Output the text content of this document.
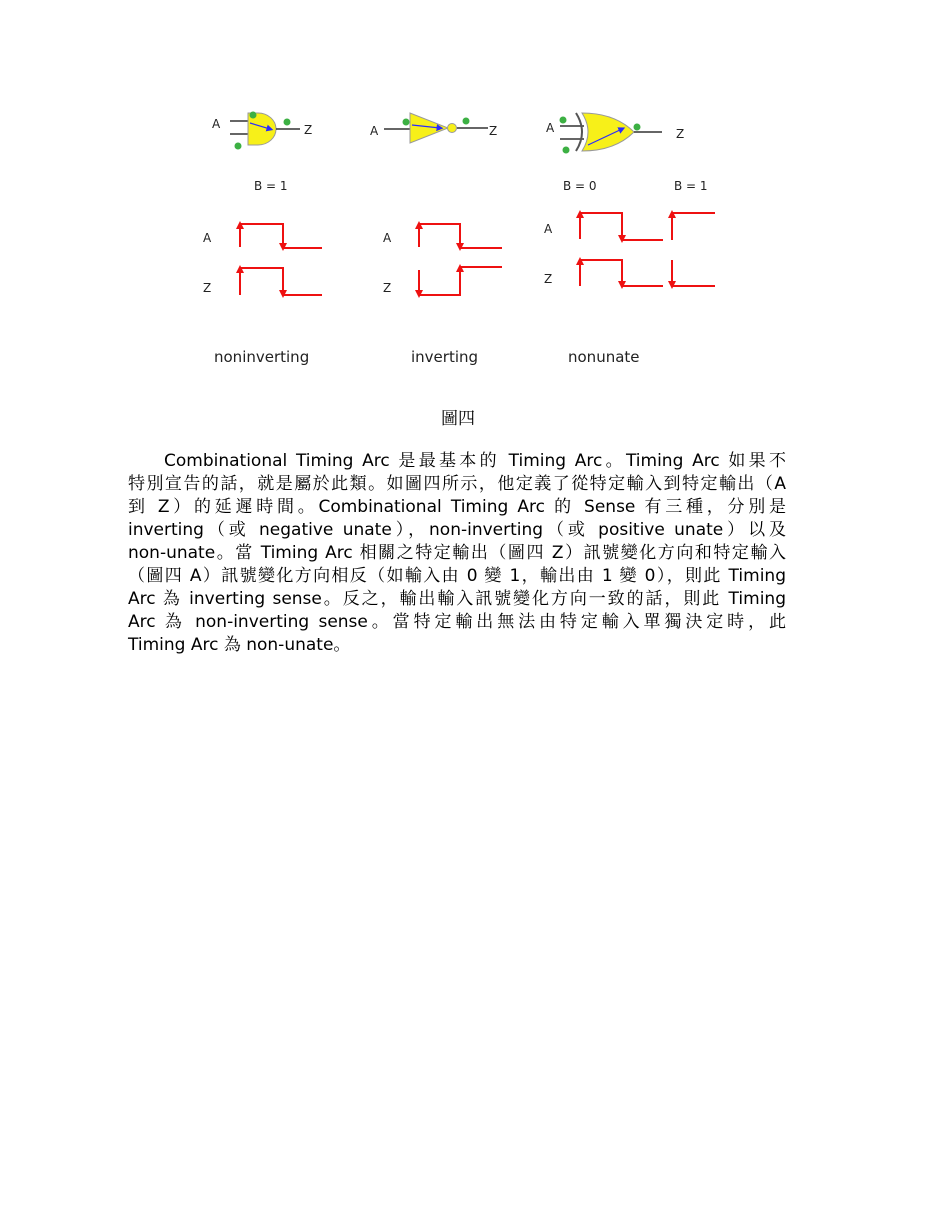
A	Z
B = 1
A	Z	A	Z
B = 0	B = 1
A
Z
A
Z
A
Z
noninverting	inverting	nonunate
圖四
Combinational Timing Arc 是最基本的 Timing Arc。Timing Arc 如果不
特別宣告的話，就是屬於此類。如圖四所示，他定義了從特定輸入到特定輸出（A
到 Z）的延遲時間。Combinational Timing Arc 的 Sense 有三種，分別是
inverting（或 negative unate），non-inverting（或 positive unate）以及
non-unate。當 Timing Arc 相關之特定輸出（圖四 Z）訊號變化方向和特定輸入
（圖四 A）訊號變化方向相反（如輸入由 0 變 1，輸出由 1 變 0），則此 Timing
Arc 為 inverting sense。反之，輸出輸入訊號變化方向一致的話，則此 Timing
Arc 為 non-inverting sense。當特定輸出無法由特定輸入單獨決定時，此
Timing Arc 為 non-unate。
